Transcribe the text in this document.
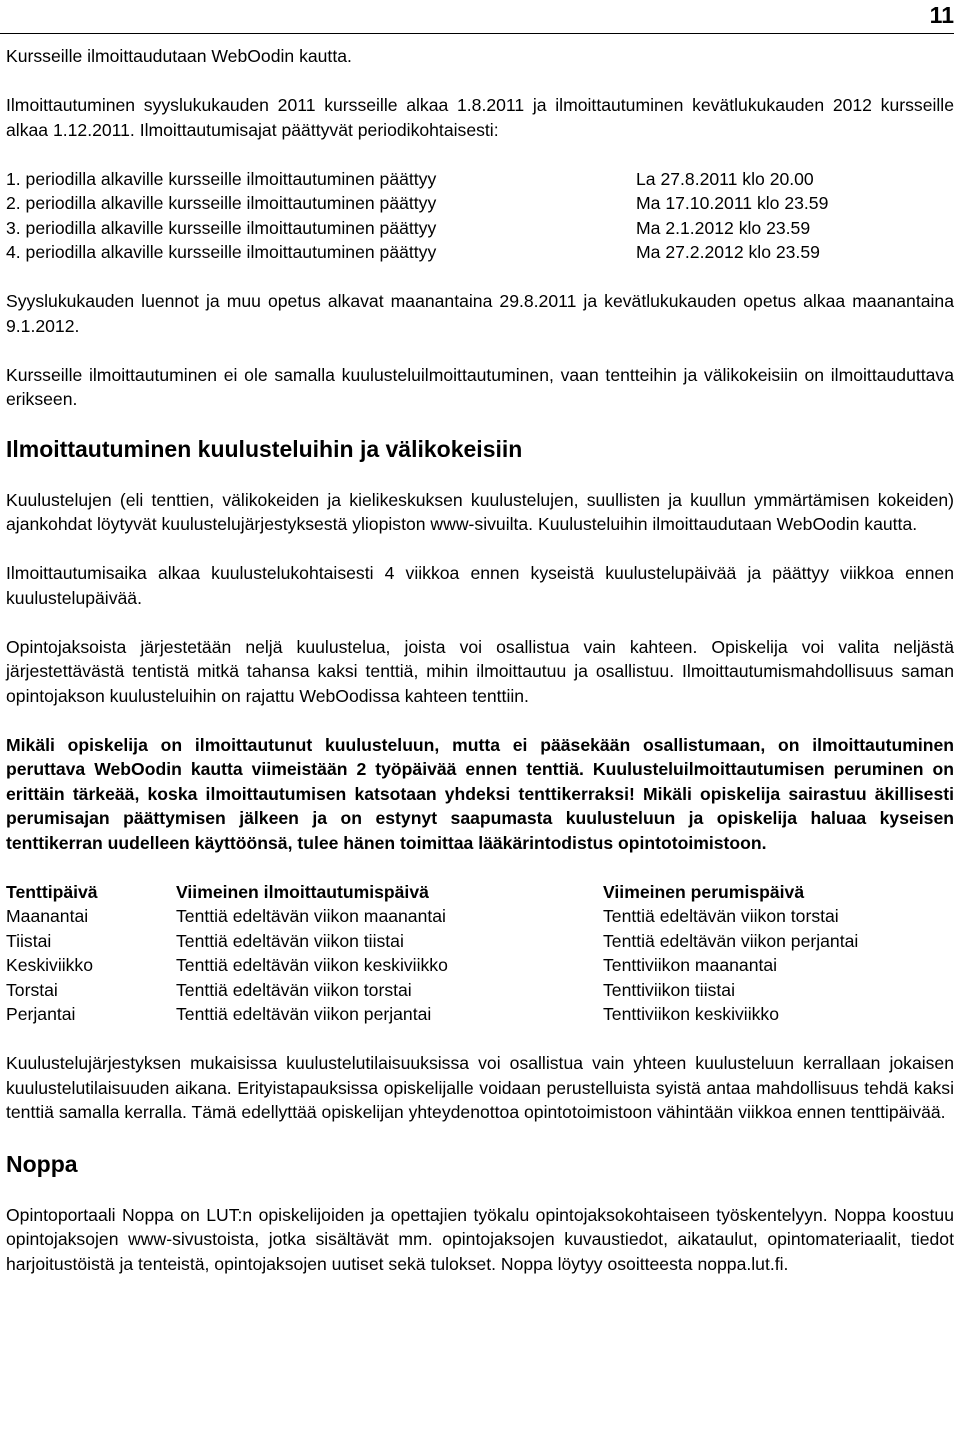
11

Kursseille ilmoittaudutaan WebOodin kautta.

Ilmoittautuminen syyslukukauden 2011 kursseille alkaa 1.8.2011 ja ilmoittautuminen kevätlukukauden 2012 kursseille alkaa 1.12.2011. Ilmoittautumisajat päättyvät periodikohtaisesti:

1. periodilla alkaville kursseille ilmoittautuminen päättyy	La 27.8.2011 klo 20.00
2. periodilla alkaville kursseille ilmoittautuminen päättyy	Ma 17.10.2011 klo 23.59
3. periodilla alkaville kursseille ilmoittautuminen päättyy	Ma 2.1.2012 klo 23.59
4. periodilla alkaville kursseille ilmoittautuminen päättyy	Ma 27.2.2012 klo 23.59

Syyslukukauden luennot ja muu opetus alkavat maanantaina 29.8.2011 ja kevätlukukauden opetus alkaa maanantaina 9.1.2012.

Kursseille ilmoittautuminen ei ole samalla kuulusteluilmoittautuminen, vaan tentteihin ja välikokeisiin on ilmoittauduttava erikseen.

Ilmoittautuminen kuulusteluihin ja välikokeisiin

Kuulustelujen (eli tenttien, välikokeiden ja kielikeskuksen kuulustelujen, suullisten ja kuullun ymmärtämisen kokeiden) ajankohdat löytyvät kuulustelujärjestyksestä yliopiston www-sivuilta. Kuulusteluihin ilmoittaudutaan WebOodin kautta.

Ilmoittautumisaika alkaa kuulustelukohtaisesti 4 viikkoa ennen kyseistä kuulustelupäivää ja päättyy viikkoa ennen kuulustelupäivää.

Opintojaksoista järjestetään neljä kuulustelua, joista voi osallistua vain kahteen. Opiskelija voi valita neljästä järjestettävästä tentistä mitkä tahansa kaksi tenttiä, mihin ilmoittautuu ja osallistuu. Ilmoittautumismahdollisuus saman opintojakson kuulusteluihin on rajattu WebOodissa kahteen tenttiin.

Mikäli opiskelija on ilmoittautunut kuulusteluun, mutta ei pääsekään osallistumaan, on ilmoittautuminen peruttava WebOodin kautta viimeistään 2 työpäivää ennen tenttiä. Kuulusteluilmoittautumisen peruminen on erittäin tärkeää, koska ilmoittautumisen katsotaan yhdeksi tenttikerraksi! Mikäli opiskelija sairastuu äkillisesti perumisajan päättymisen jälkeen ja on estynyt saapumasta kuulusteluun ja opiskelija haluaa kyseisen tenttikerran uudelleen käyttöönsä, tulee hänen toimittaa lääkärintodistus opintotoimistoon.

Tenttipäivä	Viimeinen ilmoittautumispäivä	Viimeinen perumispäivä
Maanantai	Tenttiä edeltävän viikon maanantai	Tenttiä edeltävän viikon torstai
Tiistai	Tenttiä edeltävän viikon tiistai	Tenttiä edeltävän viikon perjantai
Keskiviikko	Tenttiä edeltävän viikon keskiviikko	Tenttiviikon maanantai
Torstai	Tenttiä edeltävän viikon torstai	Tenttiviikon tiistai
Perjantai	Tenttiä edeltävän viikon perjantai	Tenttiviikon keskiviikko

Kuulustelujärjestyksen mukaisissa kuulustelutilaisuuksissa voi osallistua vain yhteen kuulusteluun kerrallaan jokaisen kuulustelutilaisuuden aikana. Erityistapauksissa opiskelijalle voidaan perustelluista syistä antaa mahdollisuus tehdä kaksi tenttiä samalla kerralla. Tämä edellyttää opiskelijan yhteydenottoa opintotoimistoon vähintään viikkoa ennen tenttipäivää.

Noppa

Opintoportaali Noppa on LUT:n opiskelijoiden ja opettajien työkalu opintojaksokohtaiseen työskentelyyn. Noppa koostuu opintojaksojen www-sivustoista, jotka sisältävät mm. opintojaksojen kuvaustiedot, aikataulut, opintomateriaalit, tiedot harjoitustöistä ja tenteistä, opintojaksojen uutiset sekä tulokset. Noppa löytyy osoitteesta noppa.lut.fi.
